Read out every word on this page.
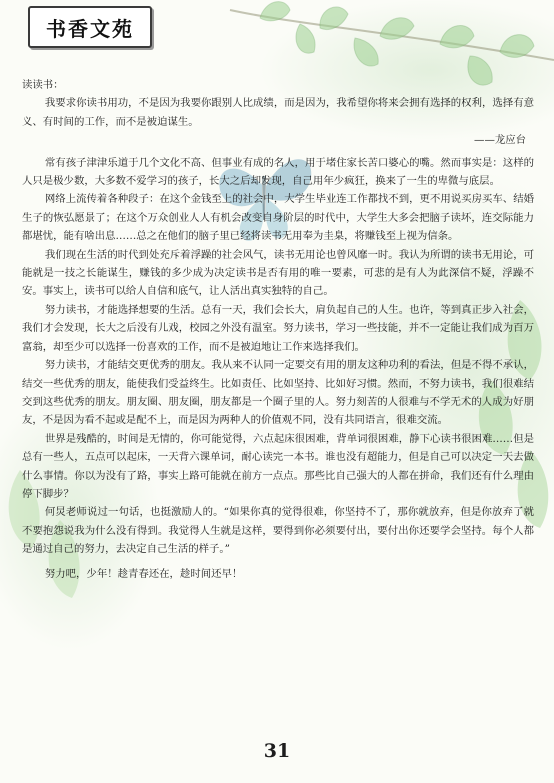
书香文苑

读读书：

我要求你读书用功，不是因为我要你跟别人比成绩，而是因为，我希望你将来会拥有选择的权利，选择有意义、有时间的工作，而不是被迫谋生。

——龙应台

常有孩子津津乐道于几个文化不高、但事业有成的名人，用于堵住家长苦口婆心的嘴。然而事实是：这样的人只是极少数，大多数不爱学习的孩子，长大之后却发现，自己用年少疯狂，换来了一生的卑微与底层。

网络上流传着各种段子：在这个金钱至上的社会中，大学生毕业连工作都找不到，更不用说买房买车、结婚生子的恢弘愿景了；在这个万众创业人人有机会改变自身阶层的时代中，大学生大多会把脑子读坏，连交际能力都堪忧，能有啥出息……总之在他们的脑子里已经将读书无用奉为圭臬，将赚钱至上视为信条。

我们现在生活的时代到处充斥着浮躁的社会风气，读书无用论也曾风靡一时。我认为所谓的读书无用论，可能就是一技之长能谋生，赚钱的多少成为决定读书是否有用的唯一要素，可悲的是有人为此深信不疑，浮躁不安。事实上，读书可以给人自信和底气，让人活出真实独特的自己。

努力读书，才能选择想要的生活。总有一天，我们会长大，肩负起自己的人生。也许，等到真正步入社会，我们才会发现，长大之后没有儿戏，校园之外没有温室。努力读书，学习一些技能，并不一定能让我们成为百万富翁，却至少可以选择一份喜欢的工作，而不是被迫地让工作来选择我们。

努力读书，才能结交更优秀的朋友。我从来不认同一定要交有用的朋友这种功利的看法，但是不得不承认，结交一些优秀的朋友，能使我们受益终生。比如责任、比如坚持、比如好习惯。然而，不努力读书，我们很难结交到这些优秀的朋友。朋友圈、朋友圈，朋友都是一个圈子里的人。努力刻苦的人很难与不学无术的人成为好朋友，不是因为看不起或是配不上，而是因为两种人的价值观不同，没有共同语言，很难交流。

世界是残酷的，时间是无情的，你可能觉得，六点起床很困难，背单词很困难，静下心读书很困难……但是总有一些人，五点可以起床，一天背六课单词，耐心读完一本书。谁也没有超能力，但是自己可以决定一天去做什么事情。你以为没有了路，事实上路可能就在前方一点点。那些比自己强大的人都在拼命，我们还有什么理由停下脚步？

何炅老师说过一句话，也挺激励人的。“如果你真的觉得很难，你坚持不了，那你就放弃，但是你放弃了就不要抱怨说我为什么没有得到。我觉得人生就是这样，要得到你必须要付出，要付出你还要学会坚持。每个人都是通过自己的努力，去决定自己生活的样子。”

努力吧，少年！趁青春还在，趁时间还早！

31
